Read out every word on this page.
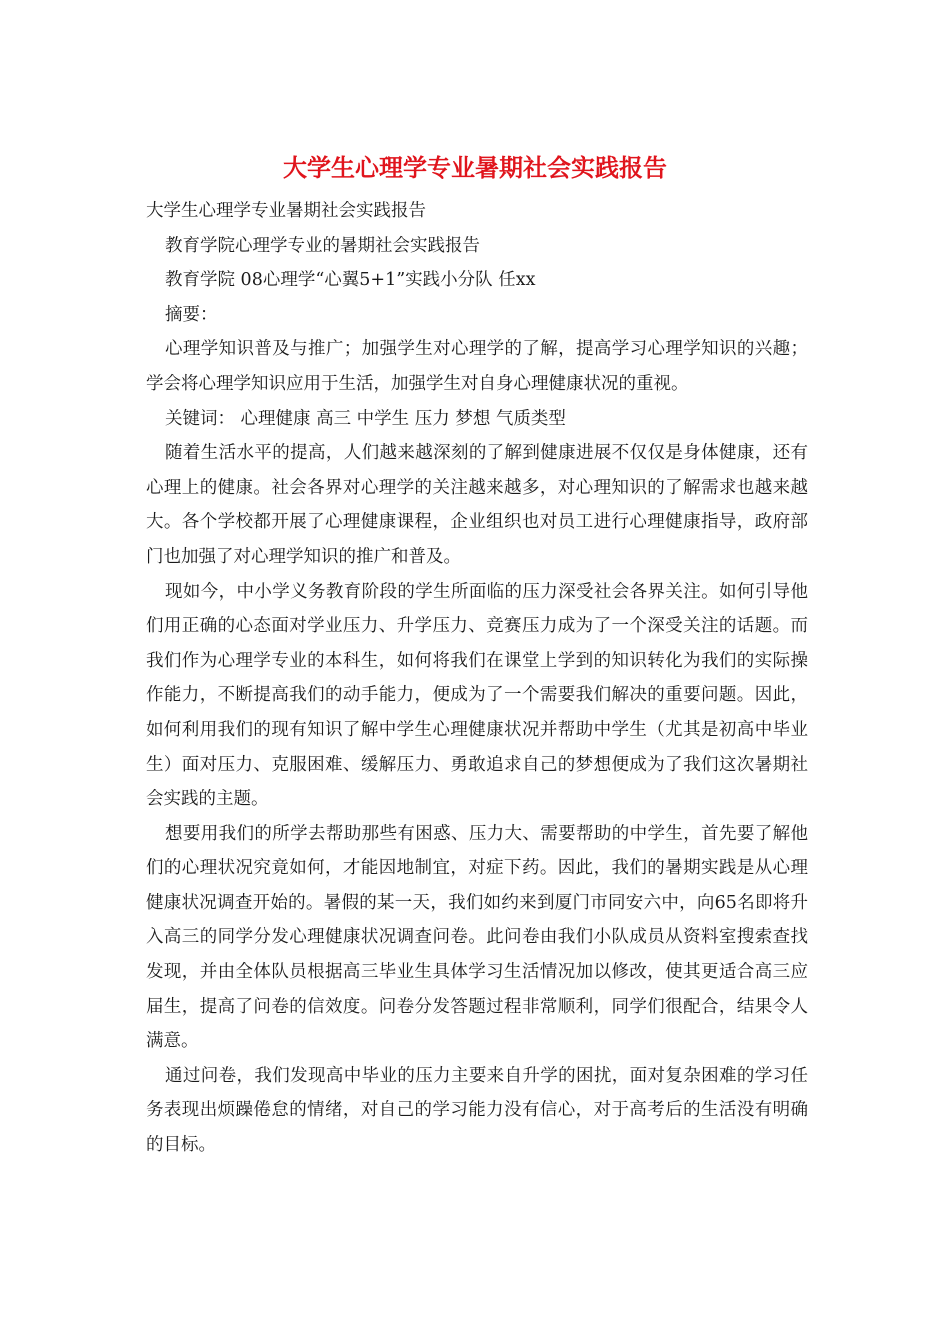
大学生心理学专业暑期社会实践报告

大学生心理学专业暑期社会实践报告

教育学院心理学专业的暑期社会实践报告

教育学院 08心理学“心翼5+1”实践小分队 任xx

摘要：

心理学知识普及与推广；加强学生对心理学的了解，提高学习心理学知识的兴趣；学会将心理学知识应用于生活，加强学生对自身心理健康状况的重视。

关键词： 心理健康 高三 中学生 压力 梦想 气质类型

随着生活水平的提高，人们越来越深刻的了解到健康进展不仅仅是身体健康，还有心理上的健康。社会各界对心理学的关注越来越多，对心理知识的了解需求也越来越大。各个学校都开展了心理健康课程，企业组织也对员工进行心理健康指导，政府部门也加强了对心理学知识的推广和普及。

现如今，中小学义务教育阶段的学生所面临的压力深受社会各界关注。如何引导他们用正确的心态面对学业压力、升学压力、竞赛压力成为了一个深受关注的话题。而我们作为心理学专业的本科生，如何将我们在课堂上学到的知识转化为我们的实际操作能力，不断提高我们的动手能力，便成为了一个需要我们解决的重要问题。因此，如何利用我们的现有知识了解中学生心理健康状况并帮助中学生（尤其是初高中毕业生）面对压力、克服困难、缓解压力、勇敢追求自己的梦想便成为了我们这次暑期社会实践的主题。

想要用我们的所学去帮助那些有困惑、压力大、需要帮助的中学生，首先要了解他们的心理状况究竟如何，才能因地制宜，对症下药。因此，我们的暑期实践是从心理健康状况调查开始的。暑假的某一天，我们如约来到厦门市同安六中，向65名即将升入高三的同学分发心理健康状况调查问卷。此问卷由我们小队成员从资料室搜索查找发现，并由全体队员根据高三毕业生具体学习生活情况加以修改，使其更适合高三应届生，提高了问卷的信效度。问卷分发答题过程非常顺利，同学们很配合，结果令人满意。

通过问卷，我们发现高中毕业的压力主要来自升学的困扰，面对复杂困难的学习任务表现出烦躁倦怠的情绪，对自己的学习能力没有信心，对于高考后的生活没有明确的目标。
